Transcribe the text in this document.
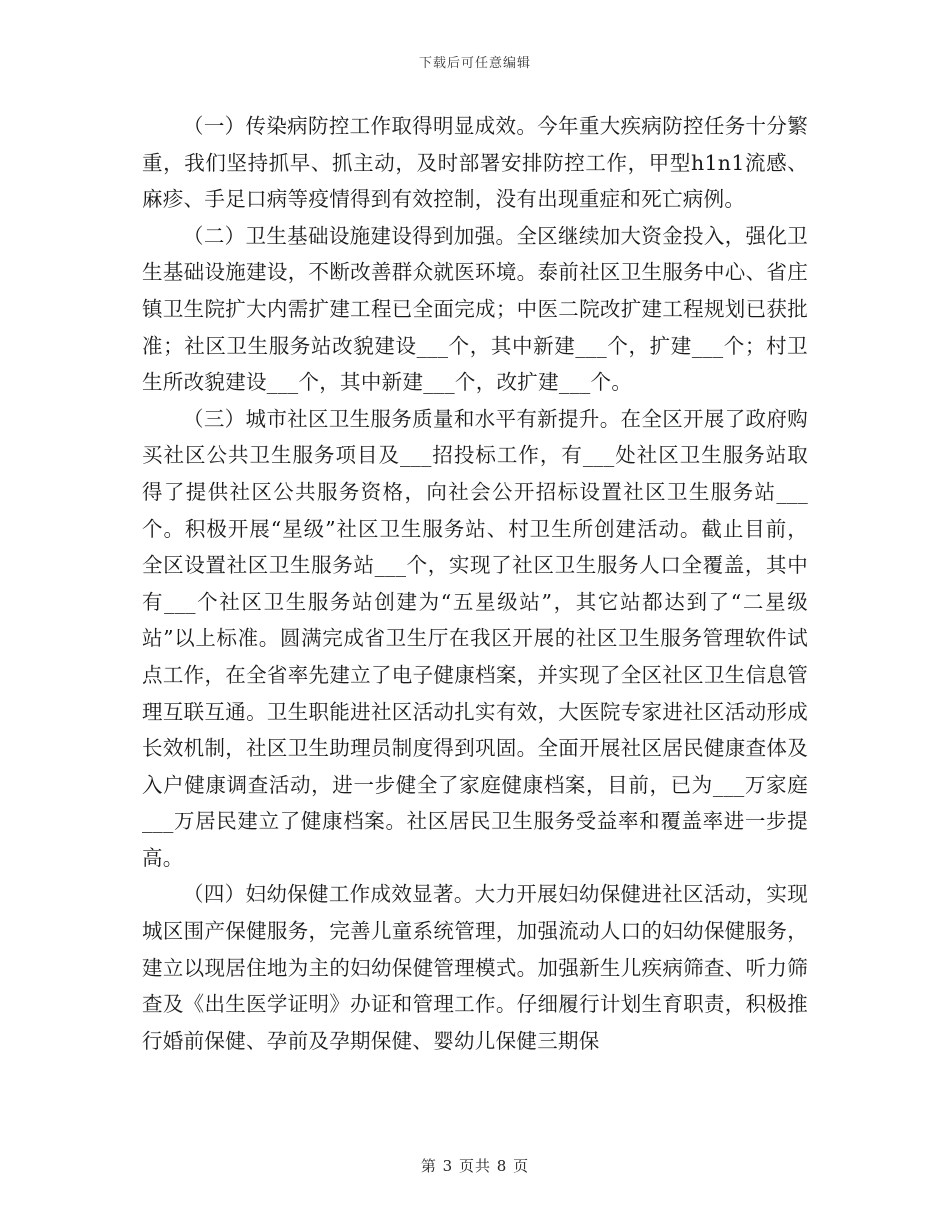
下载后可任意编辑

（一）传染病防控工作取得明显成效。今年重大疾病防控任务十分繁重，我们坚持抓早、抓主动，及时部署安排防控工作，甲型h1n1流感、麻疹、手足口病等疫情得到有效控制，没有出现重症和死亡病例。

（二）卫生基础设施建设得到加强。全区继续加大资金投入，强化卫生基础设施建设，不断改善群众就医环境。泰前社区卫生服务中心、省庄镇卫生院扩大内需扩建工程已全面完成；中医二院改扩建工程规划已获批准；社区卫生服务站改貌建设___个，其中新建___个，扩建___个；村卫生所改貌建设___个，其中新建___个，改扩建___个。

（三）城市社区卫生服务质量和水平有新提升。在全区开展了政府购买社区公共卫生服务项目及___招投标工作，有___处社区卫生服务站取得了提供社区公共服务资格，向社会公开招标设置社区卫生服务站___个。积极开展“星级”社区卫生服务站、村卫生所创建活动。截止目前，全区设置社区卫生服务站___个，实现了社区卫生服务人口全覆盖，其中有___个社区卫生服务站创建为“五星级站”，其它站都达到了“二星级站”以上标准。圆满完成省卫生厅在我区开展的社区卫生服务管理软件试点工作，在全省率先建立了电子健康档案，并实现了全区社区卫生信息管理互联互通。卫生职能进社区活动扎实有效，大医院专家进社区活动形成长效机制，社区卫生助理员制度得到巩固。全面开展社区居民健康查体及入户健康调查活动，进一步健全了家庭健康档案，目前，已为___万家庭___万居民建立了健康档案。社区居民卫生服务受益率和覆盖率进一步提高。

（四）妇幼保健工作成效显著。大力开展妇幼保健进社区活动，实现城区围产保健服务，完善儿童系统管理，加强流动人口的妇幼保健服务，建立以现居住地为主的妇幼保健管理模式。加强新生儿疾病筛查、听力筛查及《出生医学证明》办证和管理工作。仔细履行计划生育职责，积极推行婚前保健、孕前及孕期保健、婴幼儿保健三期保

第 3 页共 8 页
